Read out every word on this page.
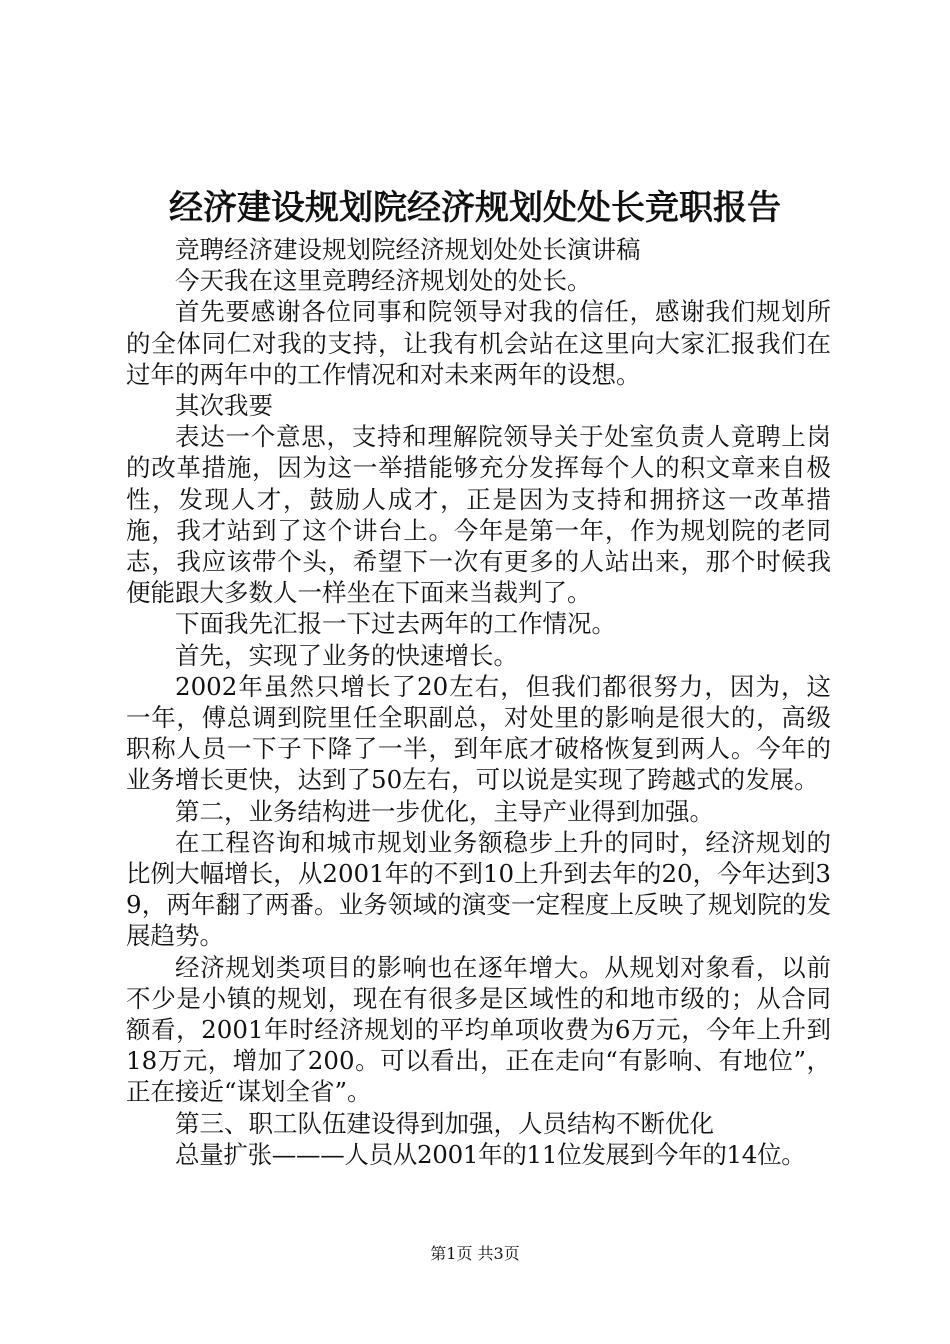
经济建设规划院经济规划处处长竞职报告

竞聘经济建设规划院经济规划处处长演讲稿

今天我在这里竞聘经济规划处的处长。

首先要感谢各位同事和院领导对我的信任，感谢我们规划所的全体同仁对我的支持，让我有机会站在这里向大家汇报我们在过年的两年中的工作情况和对未来两年的设想。

其次我要

表达一个意思，支持和理解院领导关于处室负责人竟聘上岗的改革措施，因为这一举措能够充分发挥每个人的积文章来自极性，发现人才，鼓励人成才，正是因为支持和拥挤这一改革措施，我才站到了这个讲台上。今年是第一年，作为规划院的老同志，我应该带个头，希望下一次有更多的人站出来，那个时候我便能跟大多数人一样坐在下面来当裁判了。

下面我先汇报一下过去两年的工作情况。

首先，实现了业务的快速增长。

2002年虽然只增长了20左右，但我们都很努力，因为，这一年，傅总调到院里任全职副总，对处里的影响是很大的，高级职称人员一下子下降了一半，到年底才破格恢复到两人。今年的业务增长更快，达到了50左右，可以说是实现了跨越式的发展。

第二，业务结构进一步优化，主导产业得到加强。

在工程咨询和城市规划业务额稳步上升的同时，经济规划的比例大幅增长，从2001年的不到10上升到去年的20，今年达到39，两年翻了两番。业务领域的演变一定程度上反映了规划院的发展趋势。

经济规划类项目的影响也在逐年增大。从规划对象看，以前不少是小镇的规划，现在有很多是区域性的和地市级的；从合同额看，2001年时经济规划的平均单项收费为6万元，今年上升到18万元，增加了200。可以看出，正在走向“有影响、有地位”，正在接近“谋划全省”。

第三、职工队伍建设得到加强，人员结构不断优化

总量扩张———人员从2001年的11位发展到今年的14位。

第1页 共3页
